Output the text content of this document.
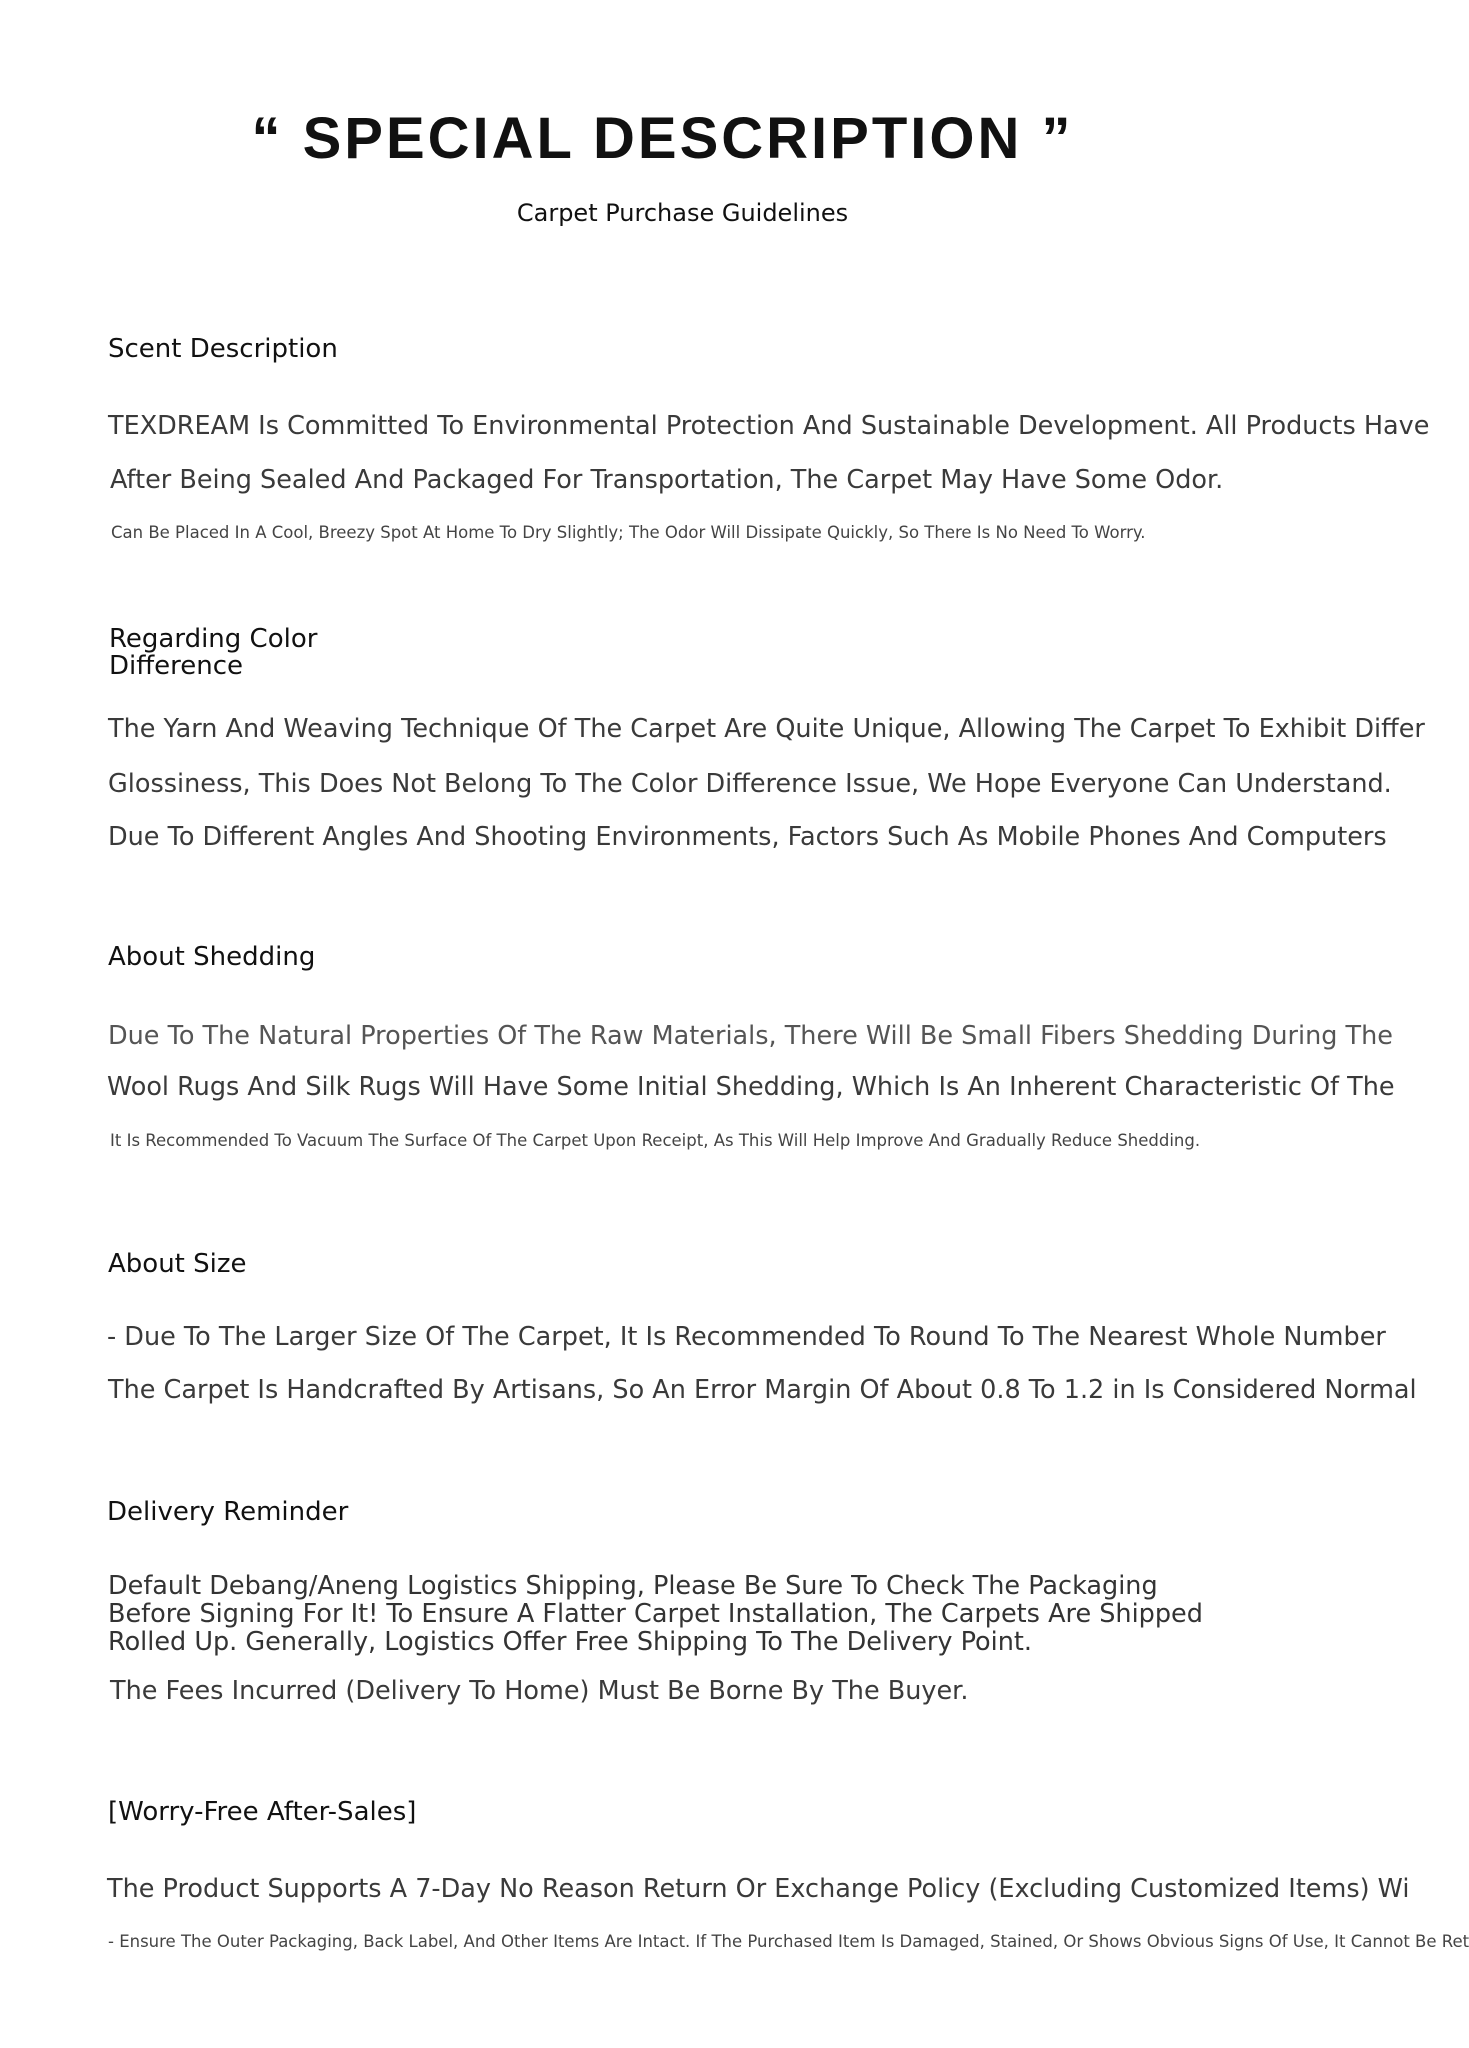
“ SPECIAL DESCRIPTION ”
Carpet Purchase Guidelines
Scent Description
TEXDREAM Is Committed To Environmental Protection And Sustainable Development. All Products Have
After Being Sealed And Packaged For Transportation, The Carpet May Have Some Odor.
Can Be Placed In A Cool, Breezy Spot At Home To Dry Slightly; The Odor Will Dissipate Quickly, So There Is No Need To Worry.
Regarding Color Difference
The Yarn And Weaving Technique Of The Carpet Are Quite Unique, Allowing The Carpet To Exhibit Differ
Glossiness, This Does Not Belong To The Color Difference Issue, We Hope Everyone Can Understand.
Due To Different Angles And Shooting Environments, Factors Such As Mobile Phones And Computers
About Shedding
Due To The Natural Properties Of The Raw Materials, There Will Be Small Fibers Shedding During The
Wool Rugs And Silk Rugs Will Have Some Initial Shedding, Which Is An Inherent Characteristic Of The
It Is Recommended To Vacuum The Surface Of The Carpet Upon Receipt, As This Will Help Improve And Gradually Reduce Shedding.
About Size
- Due To The Larger Size Of The Carpet, It Is Recommended To Round To The Nearest Whole Number
The Carpet Is Handcrafted By Artisans, So An Error Margin Of About 0.8 To 1.2 in Is Considered Normal
Delivery Reminder
Default Debang/Aneng Logistics Shipping, Please Be Sure To Check The Packaging Before Signing For It! To Ensure A Flatter Carpet Installation, The Carpets Are Shipped Rolled Up. Generally, Logistics Offer Free Shipping To The Delivery Point.
The Fees Incurred (Delivery To Home) Must Be Borne By The Buyer.
[Worry-Free After-Sales]
The Product Supports A 7-Day No Reason Return Or Exchange Policy (Excluding Customized Items) Wi
- Ensure The Outer Packaging, Back Label, And Other Items Are Intact. If The Purchased Item Is Damaged, Stained, Or Shows Obvious Signs Of Use, It Cannot Be Ret
